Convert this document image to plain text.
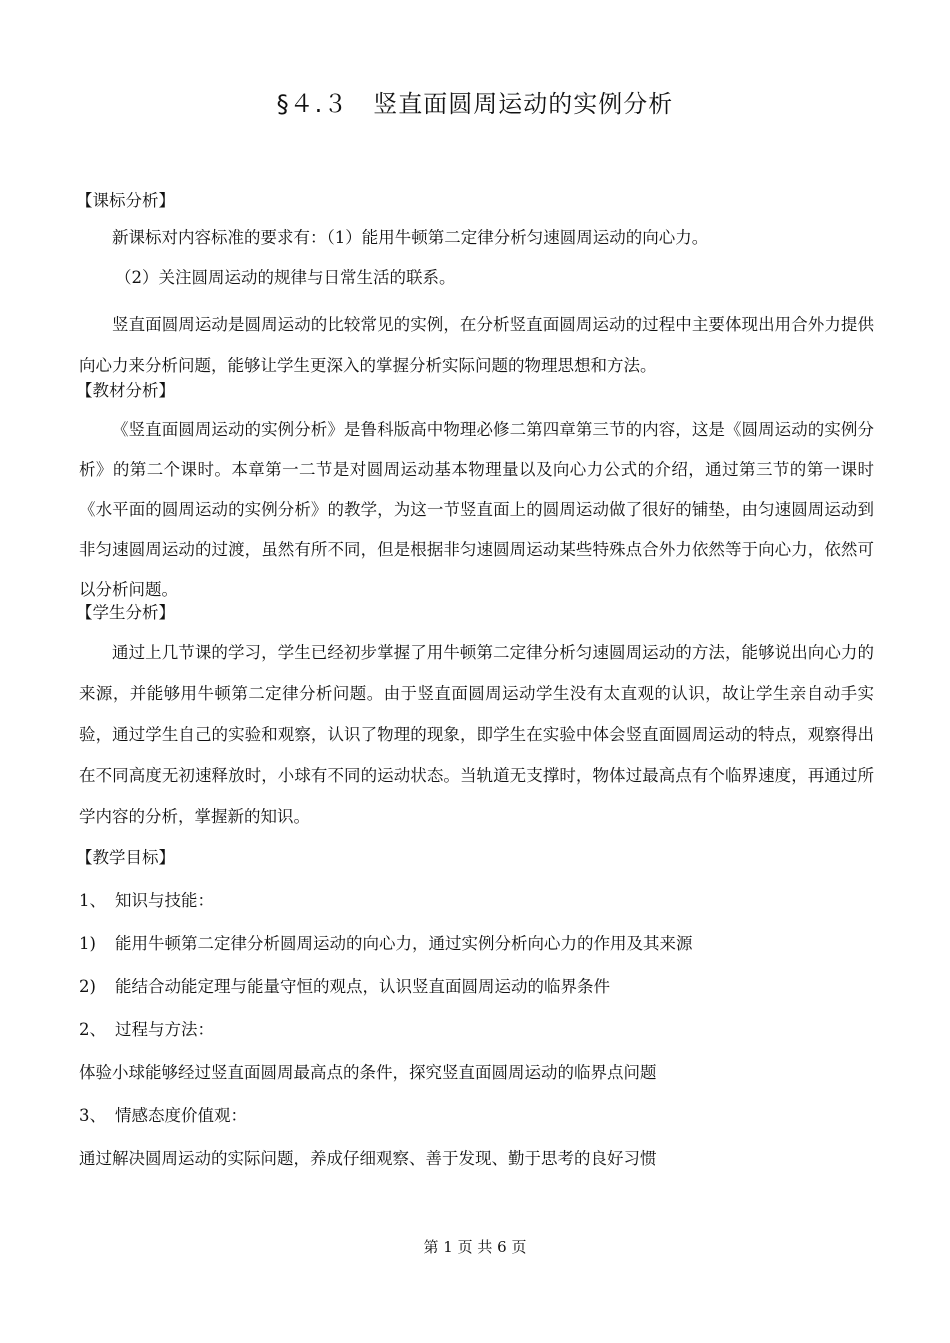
§４.３　竖直面圆周运动的实例分析
【课标分析】

新课标对内容标准的要求有：（1）能用牛顿第二定律分析匀速圆周运动的向心力。

（2）关注圆周运动的规律与日常生活的联系。

竖直面圆周运动是圆周运动的比较常见的实例，在分析竖直面圆周运动的过程中主要体现出用合外力提供向心力来分析问题，能够让学生更深入的掌握分析实际问题的物理思想和方法。

【教材分析】

《竖直面圆周运动的实例分析》是鲁科版高中物理必修二第四章第三节的内容，这是《圆周运动的实例分析》的第二个课时。本章第一二节是对圆周运动基本物理量以及向心力公式的介绍，通过第三节的第一课时《水平面的圆周运动的实例分析》的教学，为这一节竖直面上的圆周运动做了很好的铺垫，由匀速圆周运动到非匀速圆周运动的过渡，虽然有所不同，但是根据非匀速圆周运动某些特殊点合外力依然等于向心力，依然可以分析问题。

【学生分析】

通过上几节课的学习，学生已经初步掌握了用牛顿第二定律分析匀速圆周运动的方法，能够说出向心力的来源，并能够用牛顿第二定律分析问题。由于竖直面圆周运动学生没有太直观的认识，故让学生亲自动手实验，通过学生自己的实验和观察，认识了物理的现象，即学生在实验中体会竖直面圆周运动的特点，观察得出在不同高度无初速释放时，小球有不同的运动状态。当轨道无支撑时，物体过最高点有个临界速度，再通过所学内容的分析，掌握新的知识。

【教学目标】

1、 知识与技能：

1) 能用牛顿第二定律分析圆周运动的向心力，通过实例分析向心力的作用及其来源

2) 能结合动能定理与能量守恒的观点，认识竖直面圆周运动的临界条件

2、 过程与方法：

体验小球能够经过竖直面圆周最高点的条件，探究竖直面圆周运动的临界点问题

3、 情感态度价值观：

通过解决圆周运动的实际问题，养成仔细观察、善于发现、勤于思考的良好习惯

第 1 页 共 6 页
